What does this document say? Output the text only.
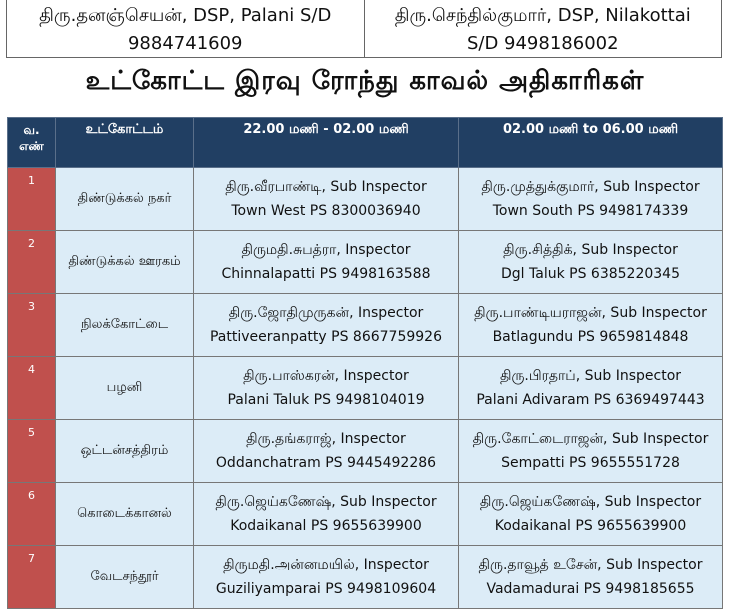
திரு.தனஞ்செயன், DSP, Palani S/D
9884741609
திரு.செந்தில்குமார், DSP, Nilakottai
S/D 9498186002
உட்கோட்ட இரவு ரோந்து காவல் அதிகாரிகள்
வ.
எண்	உட்கோட்டம்	22.00 மணி - 02.00 மணி	02.00 மணி to 06.00 மணி
1	திண்டுக்கல் நகர்	திரு.வீரபாண்டி, Sub Inspector
Town West PS 8300036940	திரு.முத்துக்குமார், Sub Inspector
Town South PS 9498174339

2	திண்டுக்கல் ஊரகம்	திருமதி.சுபத்ரா, Inspector
Chinnalapatti PS 9498163588	திரு.சித்திக், Sub Inspector
Dgl Taluk PS 6385220345

3	நிலக்கோட்டை	திரு.ஜோதிமுருகன், Inspector
Pattiveeranpatty PS 8667759926	திரு.பாண்டியராஜன், Sub Inspector
Batlagundu PS 9659814848

4	பழனி	திரு.பாஸ்கரன், Inspector
Palani Taluk PS 9498104019	திரு.பிரதாப், Sub Inspector
Palani Adivaram PS 6369497443

5	ஒட்டன்சத்திரம்	திரு.தங்கராஜ், Inspector
Oddanchatram PS 9445492286	திரு.கோட்டைராஜன், Sub Inspector
Sempatti PS 9655551728

6	கொடைக்கானல்	திரு.ஜெய்கணேஷ், Sub Inspector
Kodaikanal PS 9655639900	திரு.ஜெய்கணேஷ், Sub Inspector
Kodaikanal PS 9655639900

7	வேடசந்தூர்	திருமதி.அன்னமயில், Inspector
Guziliyamparai PS 9498109604	திரு.தாவூத் உசேன், Sub Inspector
Vadamadurai PS 9498185655
